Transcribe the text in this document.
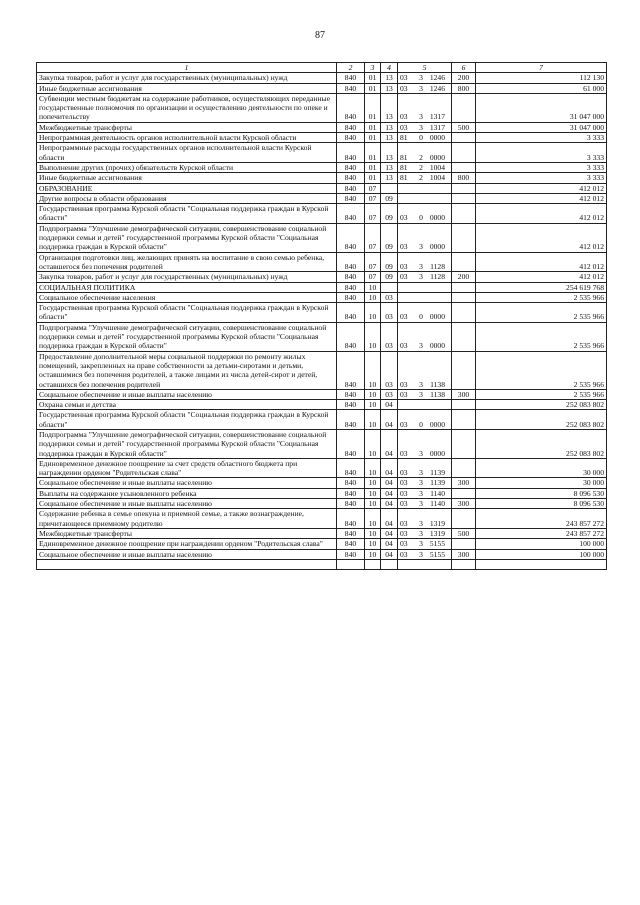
87
1	2	3	4	5	6	7
Закупка товаров, работ и услуг для государственных (муниципальных) нужд	840	01	13	03 3 1246	200	112 130
Иные бюджетные ассигнования	840	01	13	03 3 1246	800	61 000
Субвенции местным бюджетам на содержание работников, осуществляющих переданные государственные полномочия по организации и осуществлению деятельности по опеке и попечительству	840	01	13	03 3 1317		31 047 000
Межбюджетные трансферты	840	01	13	03 3 1317	500	31 047 000
Непрограммная деятельность органов исполнительной власти Курской области	840	01	13	81 0 0000		3 333
Непрограммные расходы государственных органов исполнительной власти Курской области	840	01	13	81 2 0000		3 333
Выполнение других (прочих) обязательств Курской области	840	01	13	81 2 1004		3 333
Иные бюджетные ассигнования	840	01	13	81 2 1004	800	3 333
ОБРАЗОВАНИЕ	840	07				412 012
Другие вопросы в области образования	840	07	09			412 012
Государственная программа Курской области "Социальная поддержка граждан в Курской области"	840	07	09	03 0 0000		412 012
Подпрограмма "Улучшение демографической ситуации, совершенствование социальной поддержки семьи и детей" государственной программы Курской области "Социальная поддержка граждан в Курской области"	840	07	09	03 3 0000		412 012
Организация подготовки лиц, желающих принять на воспитание в свою семью ребенка, оставшегося без попечения родителей	840	07	09	03 3 1128		412 012
Закупка товаров, работ и услуг для государственных (муниципальных) нужд	840	07	09	03 3 1128	200	412 012
СОЦИАЛЬНАЯ ПОЛИТИКА	840	10				254 619 768
Социальное обеспечение населения	840	10	03			2 535 966
Государственная программа Курской области "Социальная поддержка граждан в Курской области"	840	10	03	03 0 0000		2 535 966
Подпрограмма "Улучшение демографической ситуации, совершенствование социальной поддержки семьи и детей" государственной программы Курской области "Социальная поддержка граждан в Курской области"	840	10	03	03 3 0000		2 535 966
Предоставление дополнительной меры социальной поддержки по ремонту жилых помещений, закрепленных на праве собственности за детьми-сиротами и детьми, оставшимися без попечения родителей, а также лицами из числа детей-сирот и детей, оставшихся без попечения родителей	840	10	03	03 3 1138		2 535 966
Социальное обеспечение и иные выплаты населению	840	10	03	03 3 1138	300	2 535 966
Охрана семьи и детства	840	10	04			252 083 802
Государственная программа Курской области "Социальная поддержка граждан в Курской области"	840	10	04	03 0 0000		252 083 802
Подпрограмма "Улучшение демографической ситуации, совершенствование социальной поддержки семьи и детей" государственной программы Курской области "Социальная поддержка граждан в Курской области"	840	10	04	03 3 0000		252 083 802
Единовременное денежное поощрение за счет средств областного бюджета при награждении орденом "Родительская слава"	840	10	04	03 3 1139		30 000
Социальное обеспечение и иные выплаты населению	840	10	04	03 3 1139	300	30 000
Выплаты на содержание усыновленного ребенка	840	10	04	03 3 1140		8 096 530
Социальное обеспечение и иные выплаты населению	840	10	04	03 3 1140	300	8 096 530
Содержание ребенка в семье опекуна и приемной семье, а также вознаграждение, причитающееся приемному родителю	840	10	04	03 3 1319		243 857 272
Межбюджетные трансферты	840	10	04	03 3 1319	500	243 857 272
Единовременное денежное поощрение при награждении орденом "Родительская слава"	840	10	04	03 3 5155		100 000
Социальное обеспечение и иные выплаты населению	840	10	04	03 3 5155	300	100 000
